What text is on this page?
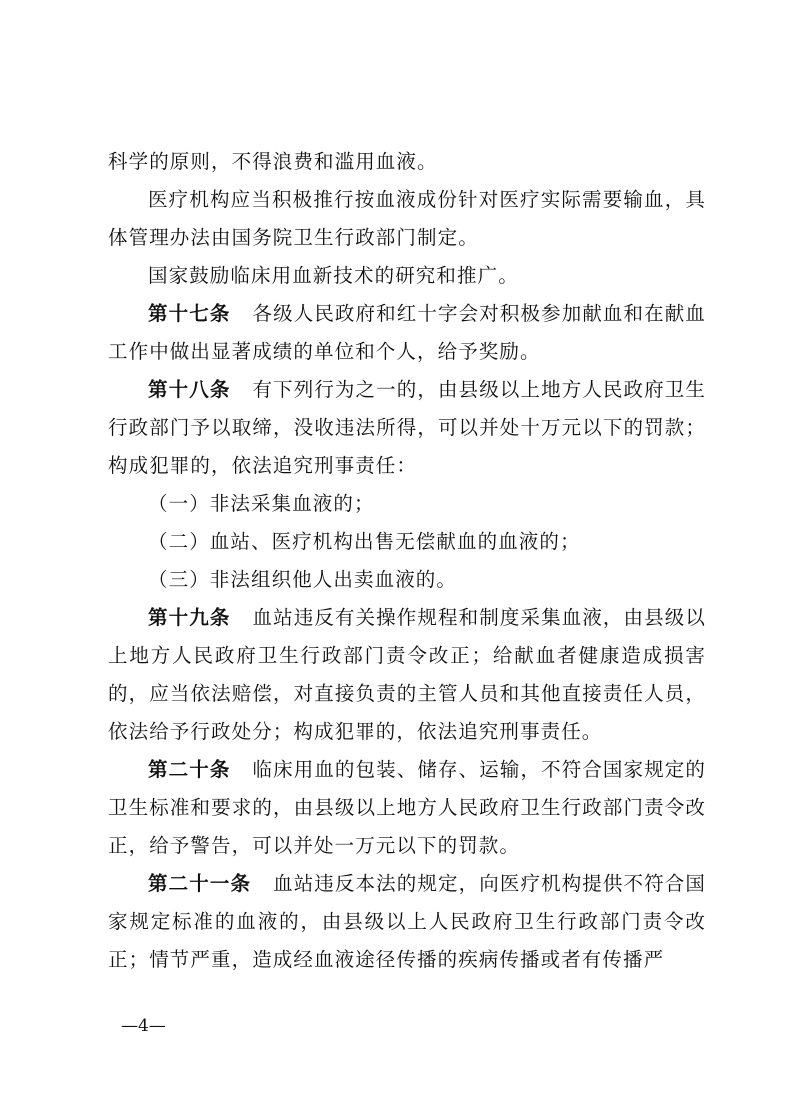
科学的原则，不得浪费和滥用血液。

医疗机构应当积极推行按血液成份针对医疗实际需要输血，具体管理办法由国务院卫生行政部门制定。

国家鼓励临床用血新技术的研究和推广。

第十七条 各级人民政府和红十字会对积极参加献血和在献血工作中做出显著成绩的单位和个人，给予奖励。

第十八条 有下列行为之一的，由县级以上地方人民政府卫生行政部门予以取缔，没收违法所得，可以并处十万元以下的罚款；构成犯罪的，依法追究刑事责任：

（一）非法采集血液的；

（二）血站、医疗机构出售无偿献血的血液的；

（三）非法组织他人出卖血液的。

第十九条 血站违反有关操作规程和制度采集血液，由县级以上地方人民政府卫生行政部门责令改正；给献血者健康造成损害的，应当依法赔偿，对直接负责的主管人员和其他直接责任人员，依法给予行政处分；构成犯罪的，依法追究刑事责任。

第二十条 临床用血的包装、储存、运输，不符合国家规定的卫生标准和要求的，由县级以上地方人民政府卫生行政部门责令改正，给予警告，可以并处一万元以下的罚款。

第二十一条 血站违反本法的规定，向医疗机构提供不符合国家规定标准的血液的，由县级以上人民政府卫生行政部门责令改正；情节严重，造成经血液途径传播的疾病传播或者有传播严

—4—
